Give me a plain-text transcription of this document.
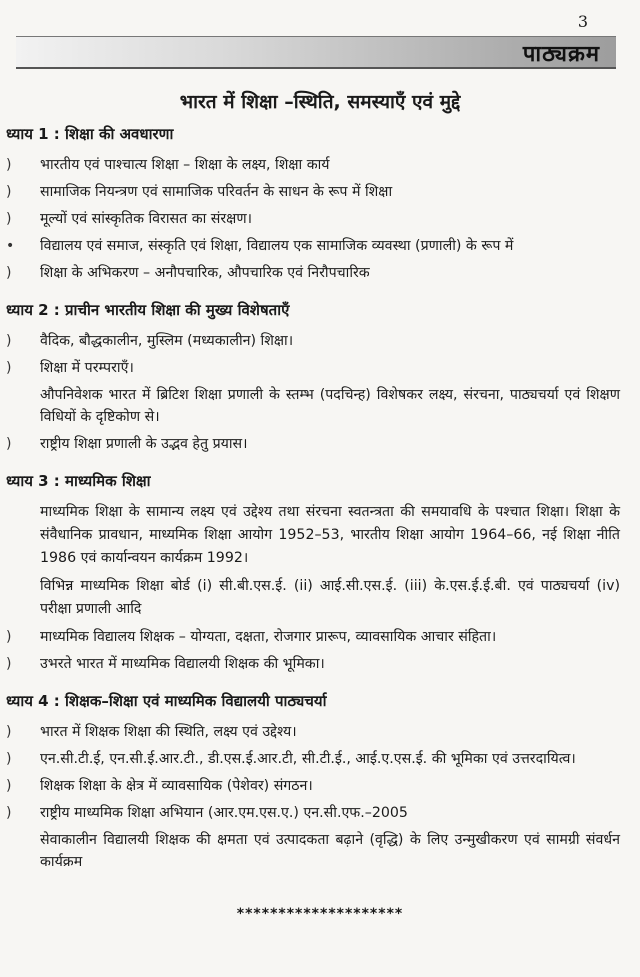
3
पाठ्यक्रम
भारत में शिक्षा –स्थिति, समस्याएँ एवं मुद्दे
ध्याय 1 : शिक्षा की अवधारणा
) भारतीय एवं पाश्चात्य शिक्षा – शिक्षा के लक्ष्य, शिक्षा कार्य
) सामाजिक नियन्त्रण एवं सामाजिक परिवर्तन के साधन के रूप में शिक्षा
) मूल्यों एवं सांस्कृतिक विरासत का संरक्षण।
• विद्यालय एवं समाज, संस्कृति एवं शिक्षा, विद्यालय एक सामाजिक व्यवस्था (प्रणाली) के रूप में
) शिक्षा के अभिकरण – अनौपचारिक, औपचारिक एवं निरौपचारिक
ध्याय 2 : प्राचीन भारतीय शिक्षा की मुख्य विशेषताएँ
) वैदिक, बौद्धकालीन, मुस्लिम (मध्यकालीन) शिक्षा।
) शिक्षा में परम्पराएँ।
औपनिवेशक भारत में ब्रिटिश शिक्षा प्रणाली के स्तम्भ (पदचिन्ह) विशेषकर लक्ष्य, संरचना, पाठ्यचर्या एवं शिक्षण विधियों के दृष्टिकोण से।
) राष्ट्रीय शिक्षा प्रणाली के उद्भव हेतु प्रयास।
ध्याय 3 : माध्यमिक शिक्षा
माध्यमिक शिक्षा के सामान्य लक्ष्य एवं उद्देश्य तथा संरचना स्वतन्त्रता की समयावधि के पश्चात शिक्षा। शिक्षा के संवैधानिक प्रावधान, माध्यमिक शिक्षा आयोग 1952–53, भारतीय शिक्षा आयोग 1964–66, नई शिक्षा नीति 1986 एवं कार्यान्वयन कार्यक्रम 1992।
विभिन्न माध्यमिक शिक्षा बोर्ड (i) सी.बी.एस.ई. (ii) आई.सी.एस.ई. (iii) के.एस.ई.ई.बी. एवं पाठ्यचर्या (iv) परीक्षा प्रणाली आदि
) माध्यमिक विद्यालय शिक्षक – योग्यता, दक्षता, रोजगार प्रारूप, व्यावसायिक आचार संहिता।
) उभरते भारत में माध्यमिक विद्यालयी शिक्षक की भूमिका।
ध्याय 4 : शिक्षक–शिक्षा एवं माध्यमिक विद्यालयी पाठ्यचर्या
) भारत में शिक्षक शिक्षा की स्थिति, लक्ष्य एवं उद्देश्य।
) एन.सी.टी.ई, एन.सी.ई.आर.टी., डी.एस.ई.आर.टी, सी.टी.ई., आई.ए.एस.ई. की भूमिका एवं उत्तरदायित्व।
) शिक्षक शिक्षा के क्षेत्र में व्यावसायिक (पेशेवर) संगठन।
) राष्ट्रीय माध्यमिक शिक्षा अभियान (आर.एम.एस.ए.) एन.सी.एफ.–2005
सेवाकालीन विद्यालयी शिक्षक की क्षमता एवं उत्पादकता बढ़ाने (वृद्धि) के लिए उन्मुखीकरण एवं सामग्री संवर्धन कार्यक्रम
********************
